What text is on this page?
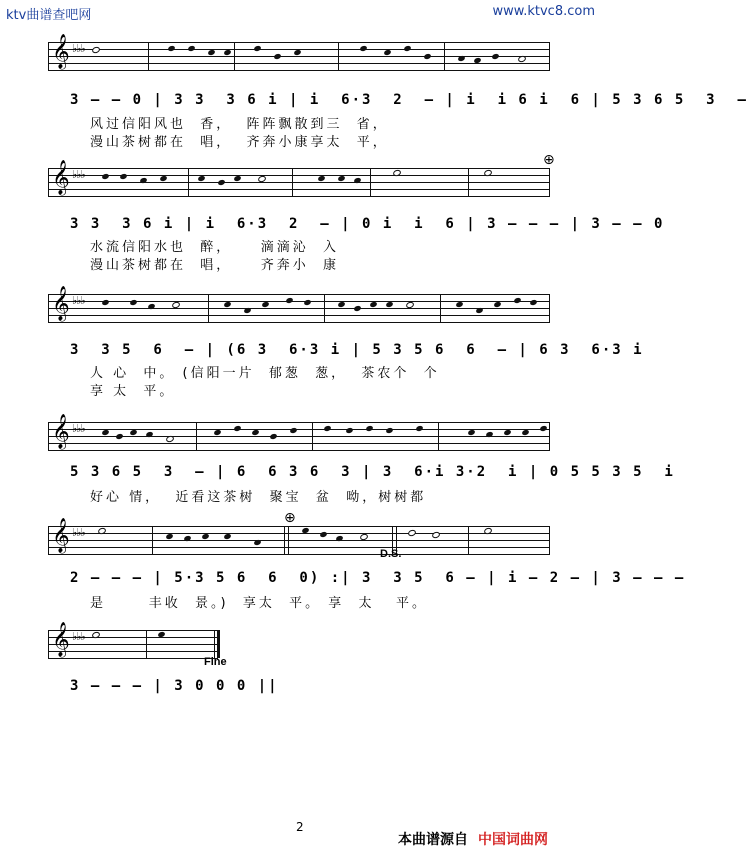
ktv曲谱查吧网	www.ktvc8.com
𝄞 ♭♭♭
3 — — 0 | 3 3  3 6 i | i  6·3  2  — | i  i 6 i  6 | 5 3 6 5  3  —
风过信阳风也  香，  阵阵飘散到三  省，
漫山茶树都在  唱，  齐奔小康享太  平，
𝄞 ♭♭♭
⊕
3 3  3 6 i | i  6·3  2  — | 0 i  i  6 | 3 — — — | 3 — — 0
水流信阳水也  醉，    滴滴沁  入
漫山茶树都在  唱，    齐奔小  康
𝄞 ♭♭♭
3  3 5  6  — | (6 3  6·3 i | 5 3 5 6  6  — | 6 3  6·3 i
人 心  中。 (信阳一片  郁葱  葱，  茶农个  个
享 太  平。
𝄞 ♭♭♭
5 3 6 5  3  — | 6  6 3 6  3 | 3  6·i 3·2  i | 0 5 5 3 5  i
好心 情，  近看这茶树  聚宝  盆  呦，树树都
𝄞 ♭♭♭
⊕
D.S.
2 — — — | 5·3 5 6  6  0) :| 3  3 5  6 — | i — 2 — | 3 — — —
是      丰收  景。)  享太  平。 享  太   平。
𝄞 ♭♭♭
Fine
3 — — — | 3 0 0 0 ||
2
本曲谱源自 中国词曲网
